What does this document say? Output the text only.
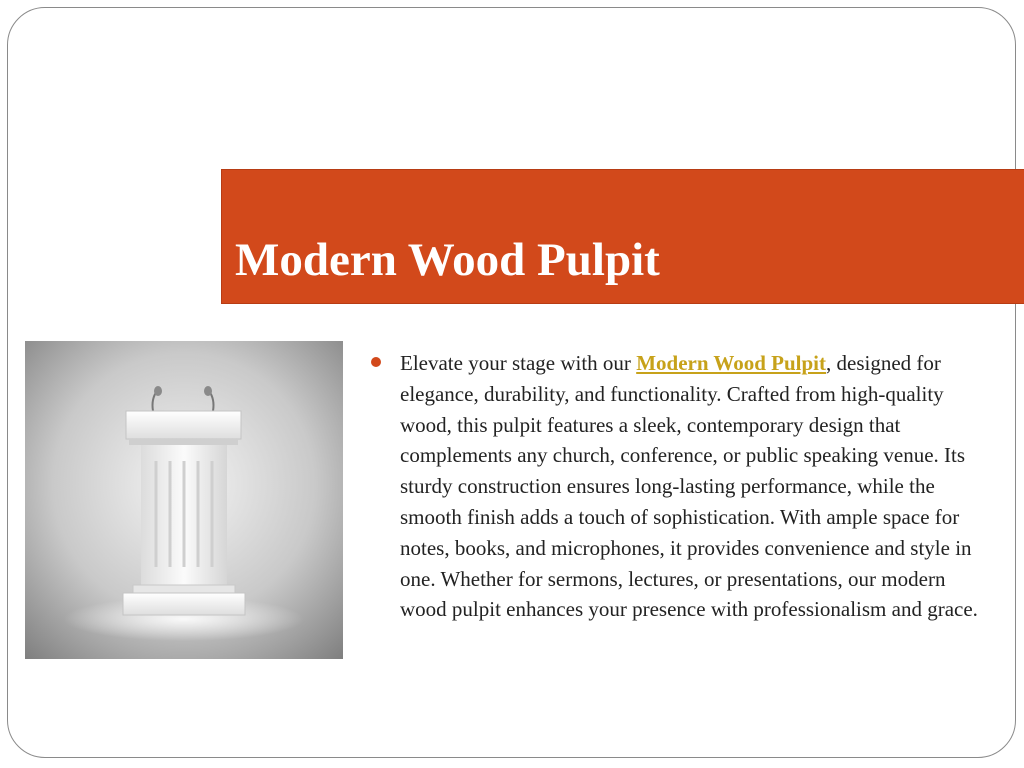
Modern Wood Pulpit

Elevate your stage with our Modern Wood Pulpit, designed for elegance, durability, and functionality. Crafted from high-quality wood, this pulpit features a sleek, contemporary design that complements any church, conference, or public speaking venue. Its sturdy construction ensures long-lasting performance, while the smooth finish adds a touch of sophistication. With ample space for notes, books, and microphones, it provides convenience and style in one. Whether for sermons, lectures, or presentations, our modern wood pulpit enhances your presence with professionalism and grace.
